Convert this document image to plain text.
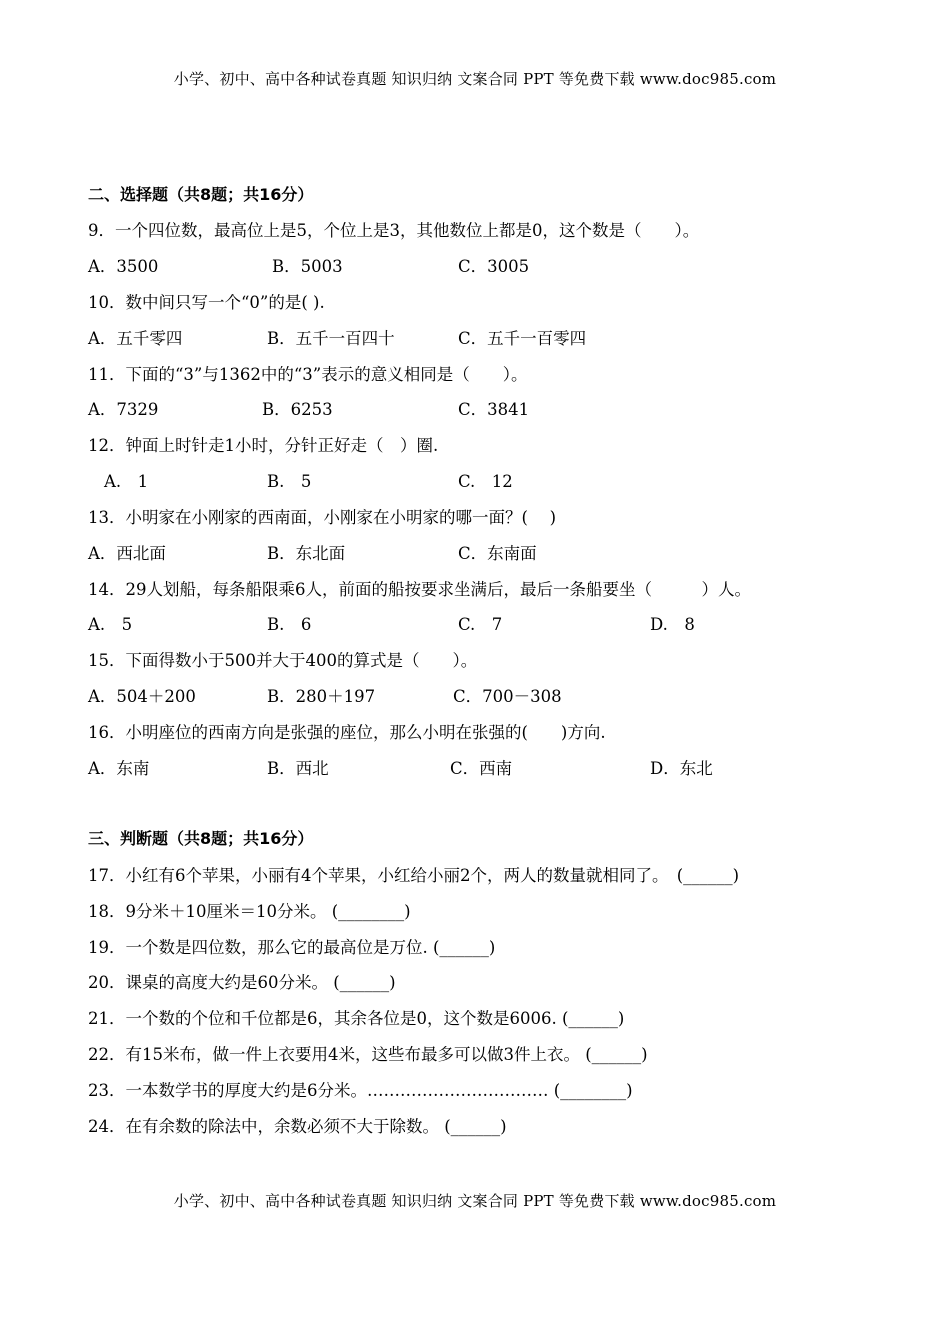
小学、初中、高中各种试卷真题 知识归纳 文案合同 PPT 等免费下载 www.doc985.com
二、选择题（共8题；共16分）
9．一个四位数，最高位上是5，个位上是3，其他数位上都是0，这个数是（　　）。
A．3500	B．5003	C．3005
10．数中间只写一个“0”的是( ).
A．五千零四	B．五千一百四十	C．五千一百零四
11．下面的“3”与1362中的“3”表示的意义相同是（　　）。
A．7329	B．6253	C．3841
12．钟面上时针走1小时，分针正好走（　）圈.
A.　1	B.　5	C.　12
13．小明家在小刚家的西南面，小刚家在小明家的哪一面？(　 )
A．西北面	B．东北面	C．东南面
14．29人划船，每条船限乘6人，前面的船按要求坐满后，最后一条船要坐（　　　）人。
A.　5	B.　6	C.　7	D.　8
15．下面得数小于500并大于400的算式是（　　）。
A．504＋200	B．280＋197	C．700－308
16．小明座位的西南方向是张强的座位，那么小明在张强的(　　)方向.
A．东南	B．西北	C．西南	D．东北
三、判断题（共8题；共16分）
17．小红有6个苹果，小丽有4个苹果，小红给小丽2个，两人的数量就相同了。　(______)
18．9分米＋10厘米＝10分米。 (________)
19．一个数是四位数，那么它的最高位是万位. (______)
20．课桌的高度大约是60分米。 (______)
21．一个数的个位和千位都是6，其余各位是0，这个数是6006. (______)
22．有15米布，做一件上衣要用4米，这些布最多可以做3件上衣。 (______)
23．一本数学书的厚度大约是6分米。…………………………… (________)
24．在有余数的除法中，余数必须不大于除数。 (______)
小学、初中、高中各种试卷真题 知识归纳 文案合同 PPT 等免费下载 www.doc985.com
